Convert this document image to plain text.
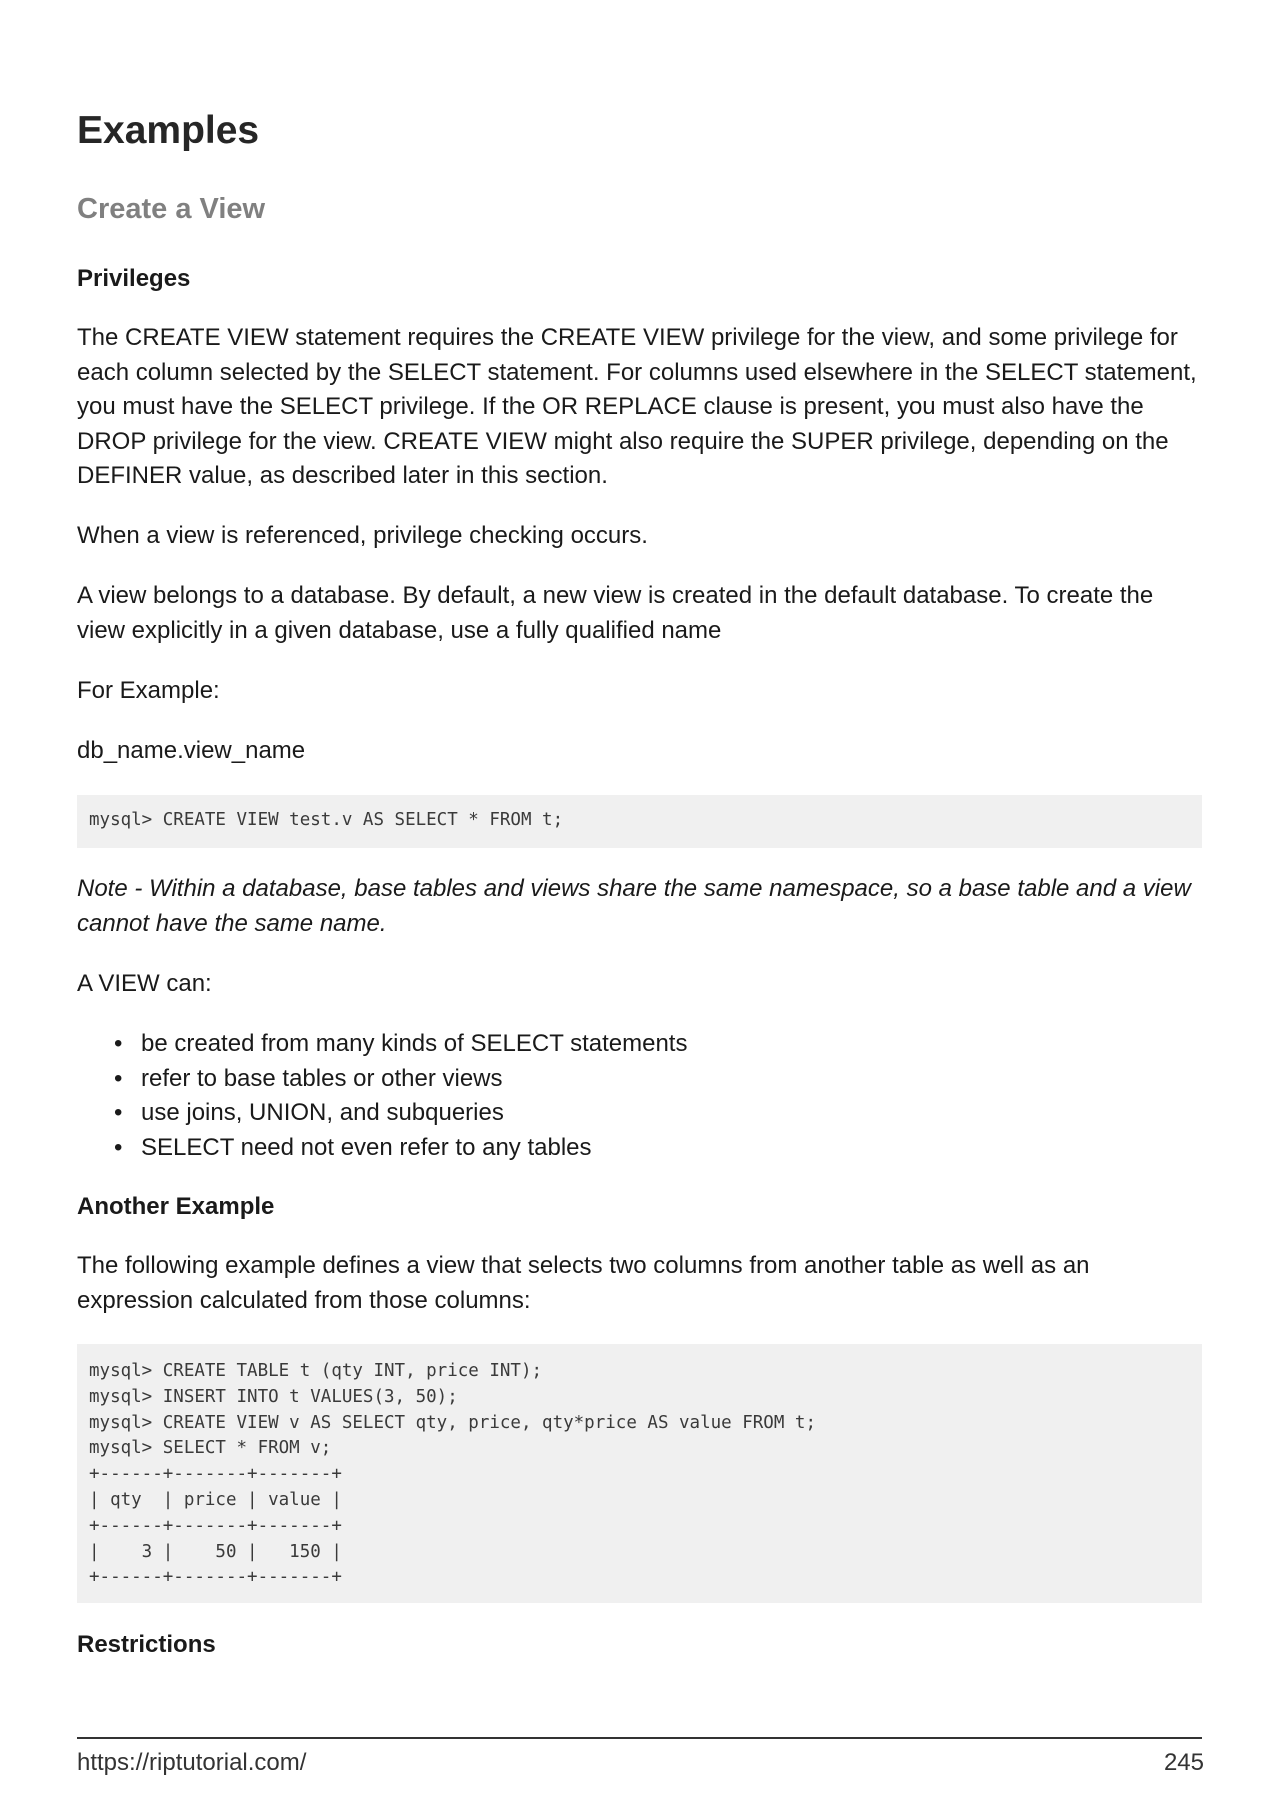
Examples
Create a View
Privileges

The CREATE VIEW statement requires the CREATE VIEW privilege for the view, and some privilege for each column selected by the SELECT statement. For columns used elsewhere in the SELECT statement, you must have the SELECT privilege. If the OR REPLACE clause is present, you must also have the DROP privilege for the view. CREATE VIEW might also require the SUPER privilege, depending on the DEFINER value, as described later in this section.

When a view is referenced, privilege checking occurs.

A view belongs to a database. By default, a new view is created in the default database. To create the view explicitly in a given database, use a fully qualified name

For Example:

db_name.view_name

mysql> CREATE VIEW test.v AS SELECT * FROM t;

Note - Within a database, base tables and views share the same namespace, so a base table and a view cannot have the same name.

A VIEW can:

• be created from many kinds of SELECT statements
• refer to base tables or other views
• use joins, UNION, and subqueries
• SELECT need not even refer to any tables
Another Example

The following example defines a view that selects two columns from another table as well as an expression calculated from those columns:

mysql> CREATE TABLE t (qty INT, price INT);
mysql> INSERT INTO t VALUES(3, 50);
mysql> CREATE VIEW v AS SELECT qty, price, qty*price AS value FROM t;
mysql> SELECT * FROM v;
+------+-------+-------+
| qty  | price | value |
+------+-------+-------+
|    3 |    50 |   150 |
+------+-------+-------+
Restrictions
https://riptutorial.com/	245
